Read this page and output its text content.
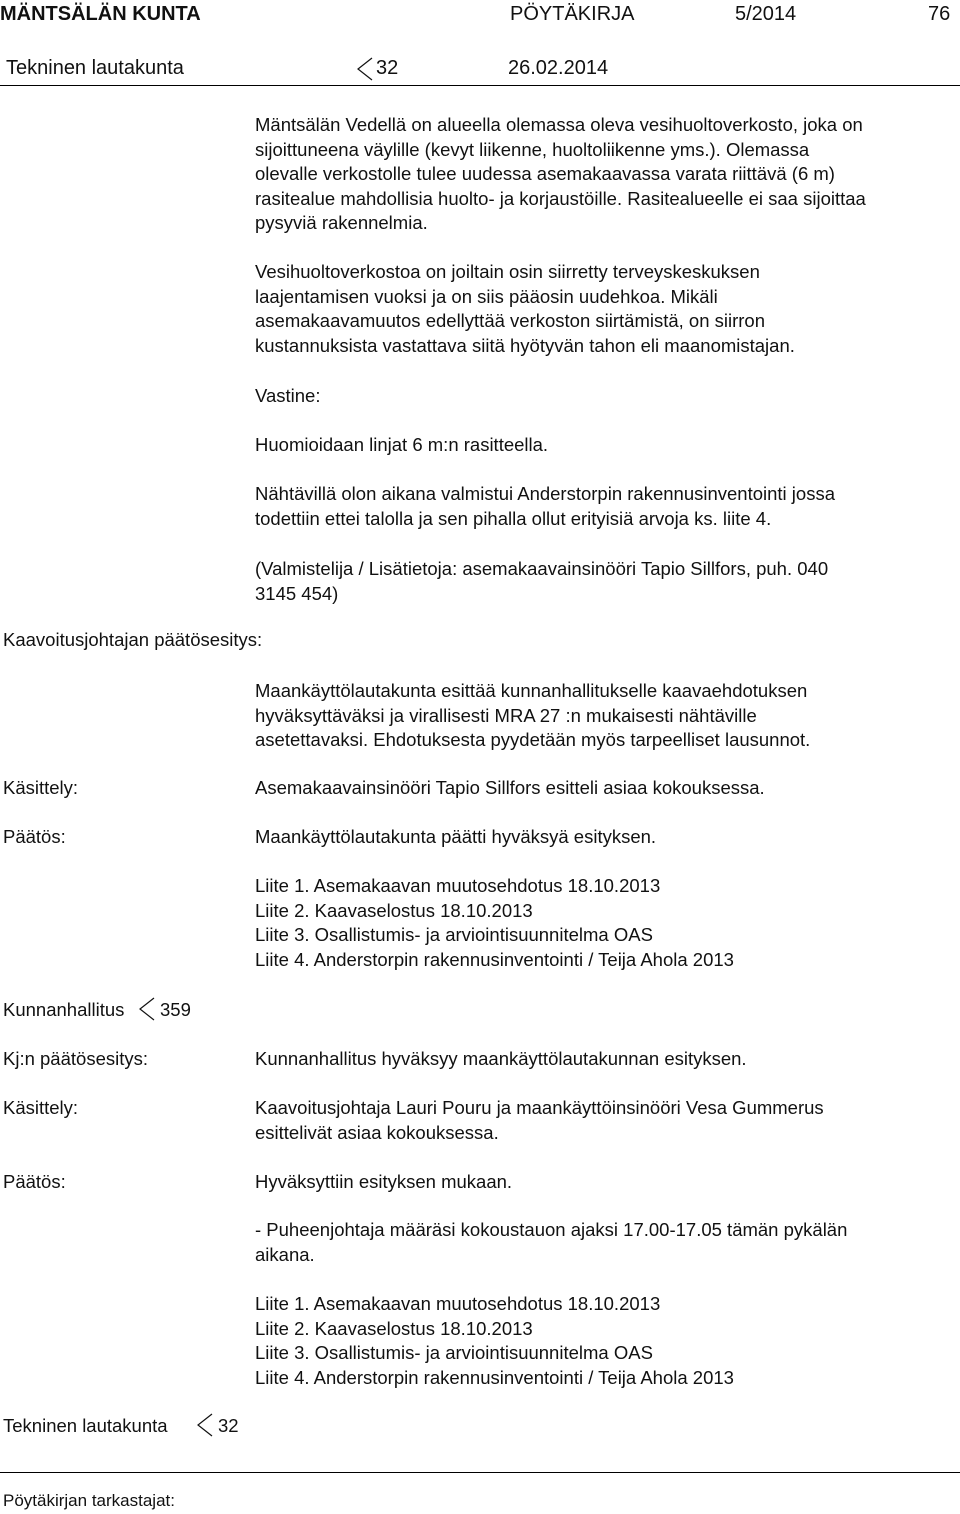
MÄNTSÄLÄN KUNTA	PÖYTÄKIRJA	5/2014	76
Tekninen lautakunta	32	26.02.2014
Mäntsälän Vedellä on alueella olemassa oleva vesihuoltoverkosto, joka on
sijoittuneena väylille (kevyt liikenne, huoltoliikenne yms.). Olemassa
olevalle verkostolle tulee uudessa asemakaavassa varata riittävä (6 m)
rasitealue mahdollisia huolto- ja korjaustöille. Rasitealueelle ei saa sijoittaa
pysyviä rakennelmia.
Vesihuoltoverkostoa on joiltain osin siirretty terveyskeskuksen
laajentamisen vuoksi ja on siis pääosin uudehkoa. Mikäli
asemakaavamuutos edellyttää verkoston siirtämistä, on siirron
kustannuksista vastattava siitä hyötyvän tahon eli maanomistajan.
Vastine:
Huomioidaan linjat 6 m:n rasitteella.
Nähtävillä olon aikana valmistui Anderstorpin rakennusinventointi jossa
todettiin ettei talolla ja sen pihalla ollut erityisiä arvoja ks. liite 4.
(Valmistelija / Lisätietoja: asemakaavainsinööri Tapio Sillfors, puh. 040
3145 454)
Kaavoitusjohtajan päätösesitys:
Maankäyttölautakunta esittää kunnanhallitukselle kaavaehdotuksen
hyväksyttäväksi ja virallisesti MRA 27 :n mukaisesti nähtäville
asetettavaksi. Ehdotuksesta pyydetään myös tarpeelliset lausunnot.
Käsittely:	Asemakaavainsinööri Tapio Sillfors esitteli asiaa kokouksessa.
Päätös:	Maankäyttölautakunta päätti hyväksyä esityksen.
Liite 1. Asemakaavan muutosehdotus 18.10.2013
Liite 2. Kaavaselostus 18.10.2013
Liite 3. Osallistumis- ja arviointisuunnitelma OAS
Liite 4. Anderstorpin rakennusinventointi / Teija Ahola 2013
Kunnanhallitus 359
Kj:n päätösesitys:	Kunnanhallitus hyväksyy maankäyttölautakunnan esityksen.
Käsittely:	Kaavoitusjohtaja Lauri Pouru ja maankäyttöinsinööri Vesa Gummerus
esittelivät asiaa kokouksessa.
Päätös:	Hyväksyttiin esityksen mukaan.
- Puheenjohtaja määräsi kokoustauon ajaksi 17.00-17.05 tämän pykälän
aikana.
Liite 1. Asemakaavan muutosehdotus 18.10.2013
Liite 2. Kaavaselostus 18.10.2013
Liite 3. Osallistumis- ja arviointisuunnitelma OAS
Liite 4. Anderstorpin rakennusinventointi / Teija Ahola 2013
Tekninen lautakunta	32
Pöytäkirjan tarkastajat:
